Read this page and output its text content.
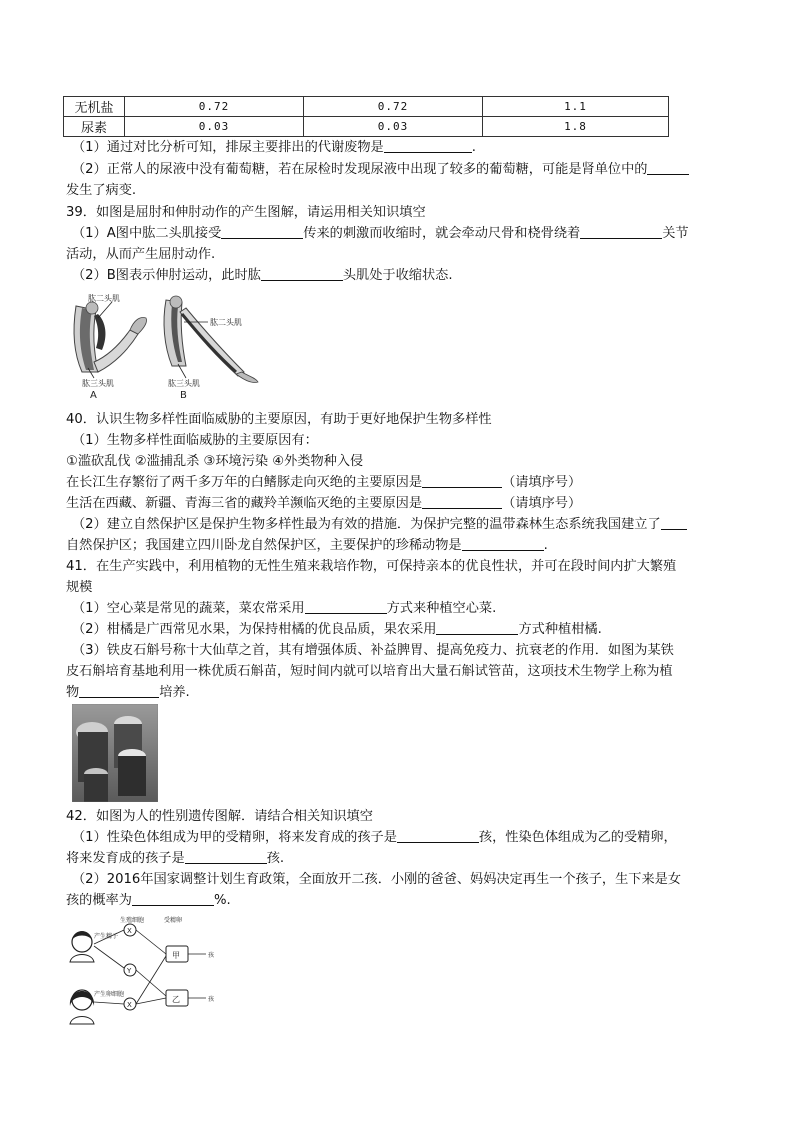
无机盐	0.72	0.72	1.1
尿素	0.03	0.03	1.8
（1）通过对比分析可知，排尿主要排出的代谢废物是	.
（2）正常人的尿液中没有葡萄糖，若在尿检时发现尿液中出现了较多的葡萄糖，可能是肾单位中的
发生了病变.
39．如图是屈肘和伸肘动作的产生图解，请运用相关知识填空
（1）A图中肱二头肌接受	传来的刺激而收缩时，就会牵动尺骨和桡骨绕着	关节
活动，从而产生屈肘动作.
（2）B图表示伸肘运动，此时肱	头肌处于收缩状态.
肱二头肌
肱二头肌
肱三头肌	肱三头肌
A	B
40．认识生物多样性面临威胁的主要原因，有助于更好地保护生物多样性
（1）生物多样性面临威胁的主要原因有：
①滥砍乱伐 ②滥捕乱杀 ③环境污染 ④外类物种入侵
在长江生存繁衍了两千多万年的白鳍豚走向灭绝的主要原因是	（请填序号）
生活在西藏、新疆、青海三省的藏羚羊濒临灭绝的主要原因是	（请填序号）
（2）建立自然保护区是保护生物多样性最为有效的措施．为保护完整的温带森林生态系统我国建立了
自然保护区；我国建立四川卧龙自然保护区，主要保护的珍稀动物是	.
41．在生产实践中，利用植物的无性生殖来栽培作物，可保持亲本的优良性状，并可在段时间内扩大繁殖
规模
（1）空心菜是常见的蔬菜，菜农常采用	方式来种植空心菜.
（2）柑橘是广西常见水果，为保持柑橘的优良品质，果农采用	方式种植柑橘.
（3）铁皮石斛号称十大仙草之首，其有增强体质、补益脾胃、提高免疫力、抗衰老的作用．如图为某铁
皮石斛培育基地利用一株优质石斛苗，短时间内就可以培育出大量石斛试管苗，这项技术生物学上称为植
物	培养.
42．如图为人的性别遗传图解．请结合相关知识填空
（1）性染色体组成为甲的受精卵，将来发育成的孩子是	孩，性染色体组成为乙的受精卵，
将来发育成的孩子是	孩.
（2）2016年国家调整计划生育政策，全面放开二孩．小刚的爸爸、妈妈决定再生一个孩子，生下来是女
孩的概率为	%.
产生精子
产生卵细胞
生殖细胞	受精卵
X
Y
X
甲
乙
孩
孩
